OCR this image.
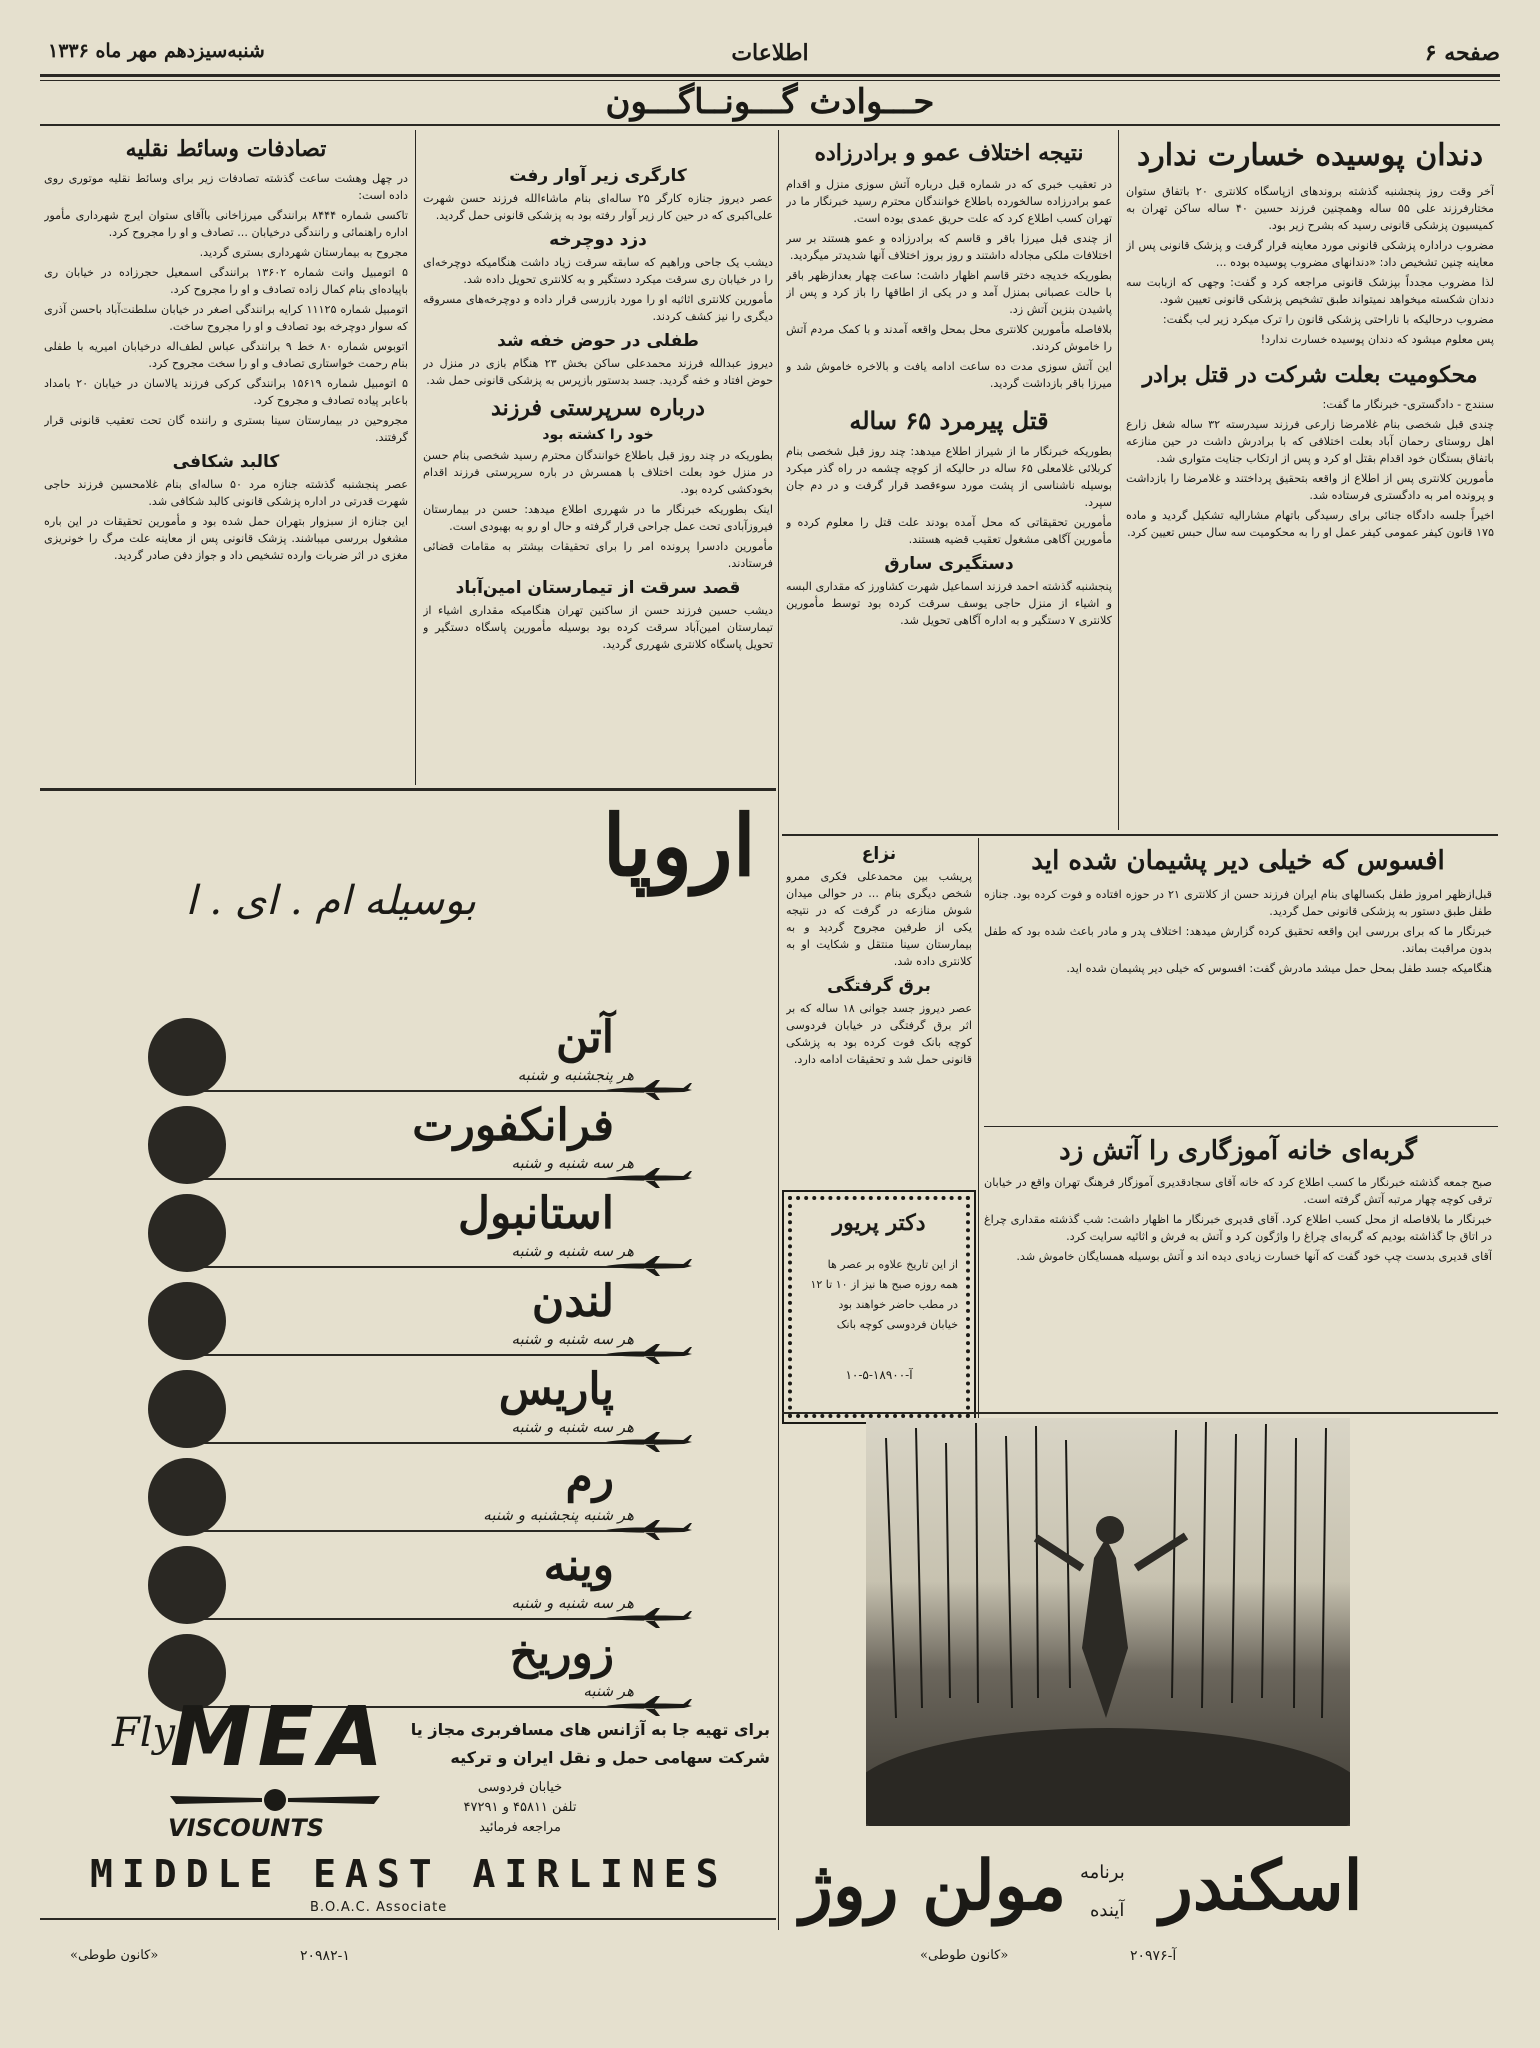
صفحه ۶
اطلاعات
شنبه‌سیزدهم مهر ماه ۱۳۳۶
حـــوادث گـــونــاگـــون
دندان پوسیده خسارت ندارد

آخر وقت روز پنجشنبه گذشته بروندهای ازپاسگاه کلانتری ۲۰ باتفاق ستوان مختارفرزند علی ۵۵ ساله وهمچنین فرزند حسین ۴۰ ساله ساکن تهران به کمیسیون پزشکی قانونی رسید که بشرح زیر بود.

مضروب دراداره پزشکی قانونی مورد معاینه قرار گرفت و پزشک قانونی پس از معاینه چنین تشخیص داد: «دندانهای مضروب پوسیده بوده ...

لذا مضروب مجدداً بپزشک قانونی مراجعه کرد و گفت: وجهی که ازبابت سه دندان شکسته میخواهد نمیتواند طبق تشخیص پزشکی قانونی تعیین شود.

مضروب درحالیکه با ناراحتی پزشکی قانون را ترک میکرد زیر لب بگفت:

پس معلوم میشود که دندان پوسیده خسارت ندارد!

محکومیت بعلت شرکت در قتل برادر

سنندج - دادگستری- خبرنگار ما گفت:

چندی قبل شخصی بنام غلامرضا زارعی فرزند سیدرسته ۳۲ ساله شغل زارع اهل روستای رحمان آباد بعلت اختلافی که با برادرش داشت در حین منازعه باتفاق بستگان خود اقدام بقتل او کرد و پس از ارتکاب جنایت متواری شد.

مأمورین کلانتری پس از اطلاع از واقعه بتحقیق پرداختند و غلامرضا را بازداشت و پرونده امر به دادگستری فرستاده شد.

اخیراً جلسه دادگاه جنائی برای رسیدگی باتهام مشارالیه تشکیل گردید و ماده ۱۷۵ قانون کیفر عمومی کیفر عمل او را به محکومیت سه سال حبس تعیین کرد.

نتیجه اختلاف عمو و برادرزاده

در تعقیب خبری که در شماره قبل درباره آتش سوزی منزل و اقدام عمو برادرزاده سالخورده باطلاع خوانندگان محترم رسید خبرنگار ما در تهران کسب اطلاع کرد که علت حریق عمدی بوده است.

از چندی قبل میرزا باقر و قاسم که برادرزاده و عمو هستند بر سر اختلافات ملکی مجادله داشتند و روز بروز اختلاف آنها شدیدتر میگردید.

بطوریکه خدیجه دختر قاسم اظهار داشت: ساعت چهار بعدازظهر باقر با حالت عصبانی بمنزل آمد و در یکی از اطاقها را باز کرد و پس از پاشیدن بنزین آتش زد.

بلافاصله مأمورین کلانتری محل بمحل واقعه آمدند و با کمک مردم آتش را خاموش کردند.

این آتش سوزی مدت ده ساعت ادامه یافت و بالاخره خاموش شد و میرزا باقر بازداشت گردید.

قتل پیرمرد ۶۵ ساله

بطوریکه خبرنگار ما از شیراز اطلاع میدهد: چند روز قبل شخصی بنام کربلائی غلامعلی ۶۵ ساله در حالیکه از کوچه چشمه در راه گذر میکرد بوسیله ناشناسی از پشت مورد سوءقصد قرار گرفت و در دم جان سپرد.

مأمورین تحقیقاتی که محل آمده بودند علت قتل را معلوم کرده و مأمورین آگاهی مشغول تعقیب قضیه هستند.

دستگیری سارق

پنجشنبه گذشته احمد فرزند اسماعیل شهرت کشاورز که مقداری البسه و اشیاء از منزل حاجی یوسف سرقت کرده بود توسط مأمورین کلانتری ۷ دستگیر و به اداره آگاهی تحویل شد.

کارگری زیر آوار رفت

عصر دیروز جنازه کارگر ۲۵ ساله‌ای بنام ماشاءالله فرزند حسن شهرت علی‌اکبری که در حین کار زیر آوار رفته بود به پزشکی قانونی حمل گردید.

دزد دوچرخه

دیشب یک جاحی وراهیم که سابقه سرقت زیاد داشت هنگامیکه دوچرخه‌ای را در خیابان ری سرقت میکرد دستگیر و به کلانتری تحویل داده شد.

مأمورین کلانتری اثاثیه او را مورد بازرسی قرار داده و دوچرخه‌های مسروقه دیگری را نیز کشف کردند.

طفلی در حوض خفه شد

دیروز عبدالله فرزند محمدعلی ساکن بخش ۲۳ هنگام بازی در منزل در حوض افتاد و خفه گردید. جسد بدستور بازپرس به پزشکی قانونی حمل شد.

درباره سرپرستی فرزند
خود را کشته بود

بطوریکه در چند روز قبل باطلاع خوانندگان محترم رسید شخصی بنام حسن در منزل خود بعلت اختلاف با همسرش در باره سرپرستی فرزند اقدام بخودکشی کرده بود.

اینک بطوریکه خبرنگار ما در شهرری اطلاع میدهد: حسن در بیمارستان فیروزآبادی تحت عمل جراحی قرار گرفته و حال او رو به بهبودی است.

مأمورین دادسرا پرونده امر را برای تحقیقات بیشتر به مقامات قضائی فرستادند.

قصد سرقت از تیمارستان امین‌آباد

دیشب حسین فرزند حسن از ساکنین تهران هنگامیکه مقداری اشیاء از تیمارستان امین‌آباد سرقت کرده بود بوسیله مأمورین پاسگاه دستگیر و تحویل پاسگاه کلانتری شهرری گردید.

تصادفات وسائط نقلیه

در چهل وهشت ساعت گذشته تصادفات زیر برای وسائط نقلیه موتوری روی داده است:

تاکسی شماره ۸۴۴۴ برانندگی میرزاخانی باآقای ستوان ایرج شهرداری مأمور اداره راهنمائی و رانندگی درخیابان ... تصادف و او را مجروح کرد.

مجروح به بیمارستان شهرداری بستری گردید.

۵ اتومبیل وانت شماره ۱۳۶۰۲ برانندگی اسمعیل حجرزاده در خیابان ری باپیاده‌ای بنام کمال زاده تصادف و او را مجروح کرد.

اتومبیل شماره ۱۱۱۲۵ کرایه برانندگی اصغر در خیابان سلطنت‌آباد باحسن آذری که سوار دوچرخه بود تصادف و او را مجروح ساخت.

اتوبوس شماره ۸۰ خط ۹ برانندگی عباس لطف‌اله درخیابان امیریه با طفلی بنام رحمت خواستاری تصادف و او را سخت مجروح کرد.

۵ اتومبیل شماره ۱۵۶۱۹ برانندگی کرکی فرزند یالاسان در خیابان ۲۰ بامداد باعابر پیاده تصادف و مجروح کرد.

مجروحین در بیمارستان سینا بستری و راننده گان تحت تعقیب قانونی قرار گرفتند.

کالبد شکافی

عصر پنجشنبه گذشته جنازه مرد ۵۰ ساله‌ای بنام غلامحسین فرزند حاجی شهرت قدرتی در اداره پزشکی قانونی کالبد شکافی شد.

این جنازه از سبزوار بتهران حمل شده بود و مأمورین تحقیقات در این باره مشغول بررسی میباشند. پزشک قانونی پس از معاینه علت مرگ را خونریزی مغزی در اثر ضربات وارده تشخیص داد و جواز دفن صادر گردید.

اروپا
بوسیله ام . ای . ا
آتن
هر پنجشنبه و شنبه
فرانکفورت
هر سه شنبه و شنبه
استانبول
هر سه شنبه و شنبه
لندن
هر سه شنبه و شنبه
پاریس
هر سه شنبه و شنبه
رم
هر شنبه پنجشنبه و شنبه
وینه
هر سه شنبه و شنبه
زوریخ
هر شنبه
برای تهیه جا به آژانس های مسافربری مجاز یا
شرکت سهامی حمل و نقل ایران و ترکیه
خیابان فردوسی
تلفن ۴۵۸۱۱ و ۴۷۲۹۱
مراجعه فرمائید
Fly
MEA
VISCOUNTS
MIDDLE EAST AIRLINES
B.O.A.C. Associate
«کانون طوطی»	۲۰۹۸۲-۱
نزاع

پریشب بین محمدعلی فکری ممرو شخص دیگری بنام ... در حوالی میدان شوش منازعه در گرفت که در نتیجه یکی از طرفین مجروح گردید و به بیمارستان سینا منتقل و شکایت او به کلانتری داده شد.

برق گرفتگی

عصر دیروز جسد جوانی ۱۸ ساله که بر اثر برق گرفتگی در خیابان فردوسی کوچه بانک فوت کرده بود به پزشکی قانونی حمل شد و تحقیقات ادامه دارد.

افسوس که خیلی دیر پشیمان شده اید

قبل‌ازظهر امروز طفل بکسالهای بنام ایران فرزند حسن از کلانتری ۲۱ در حوزه افتاده و فوت کرده بود. جنازه طفل طبق دستور به پزشکی قانونی حمل گردید.

خبرنگار ما که برای بررسی این واقعه تحقیق کرده گزارش میدهد: اختلاف پدر و مادر باعث شده بود که طفل بدون مراقبت بماند.

هنگامیکه جسد طفل بمحل حمل میشد مادرش گفت: افسوس که خیلی دیر پشیمان شده اید.

دکتر پریور
از این تاریخ علاوه بر عصر ها
همه روزه صبح ها نیز از ۱۰ تا ۱۲
در مطب حاضر خواهند بود
خیابان فردوسی کوچه بانک
آ-۱۸۹۰۰-۵-۱۰
برنامه
آینده اسکندر
مولن روژ
«کانون طوطی»	آ-۲۰۹۷۶
گربه‌ای خانه آموزگاری را آتش زد

صبح جمعه گذشته خبرنگار ما کسب اطلاع کرد که خانه آقای سجادقدیری آموزگار فرهنگ تهران واقع در خیابان ترقی کوچه چهار مرتبه آتش گرفته است.

خبرنگار ما بلافاصله از محل کسب اطلاع کرد. آقای قدیری خبرنگار ما اظهار داشت: شب گذشته مقداری چراغ در اتاق جا گذاشته بودیم که گربه‌ای چراغ را واژگون کرد و آتش به فرش و اثاثیه سرایت کرد.

آقای قدیری بدست چپ خود گفت که آنها خسارت زیادی دیده اند و آتش بوسیله همسایگان خاموش شد.
